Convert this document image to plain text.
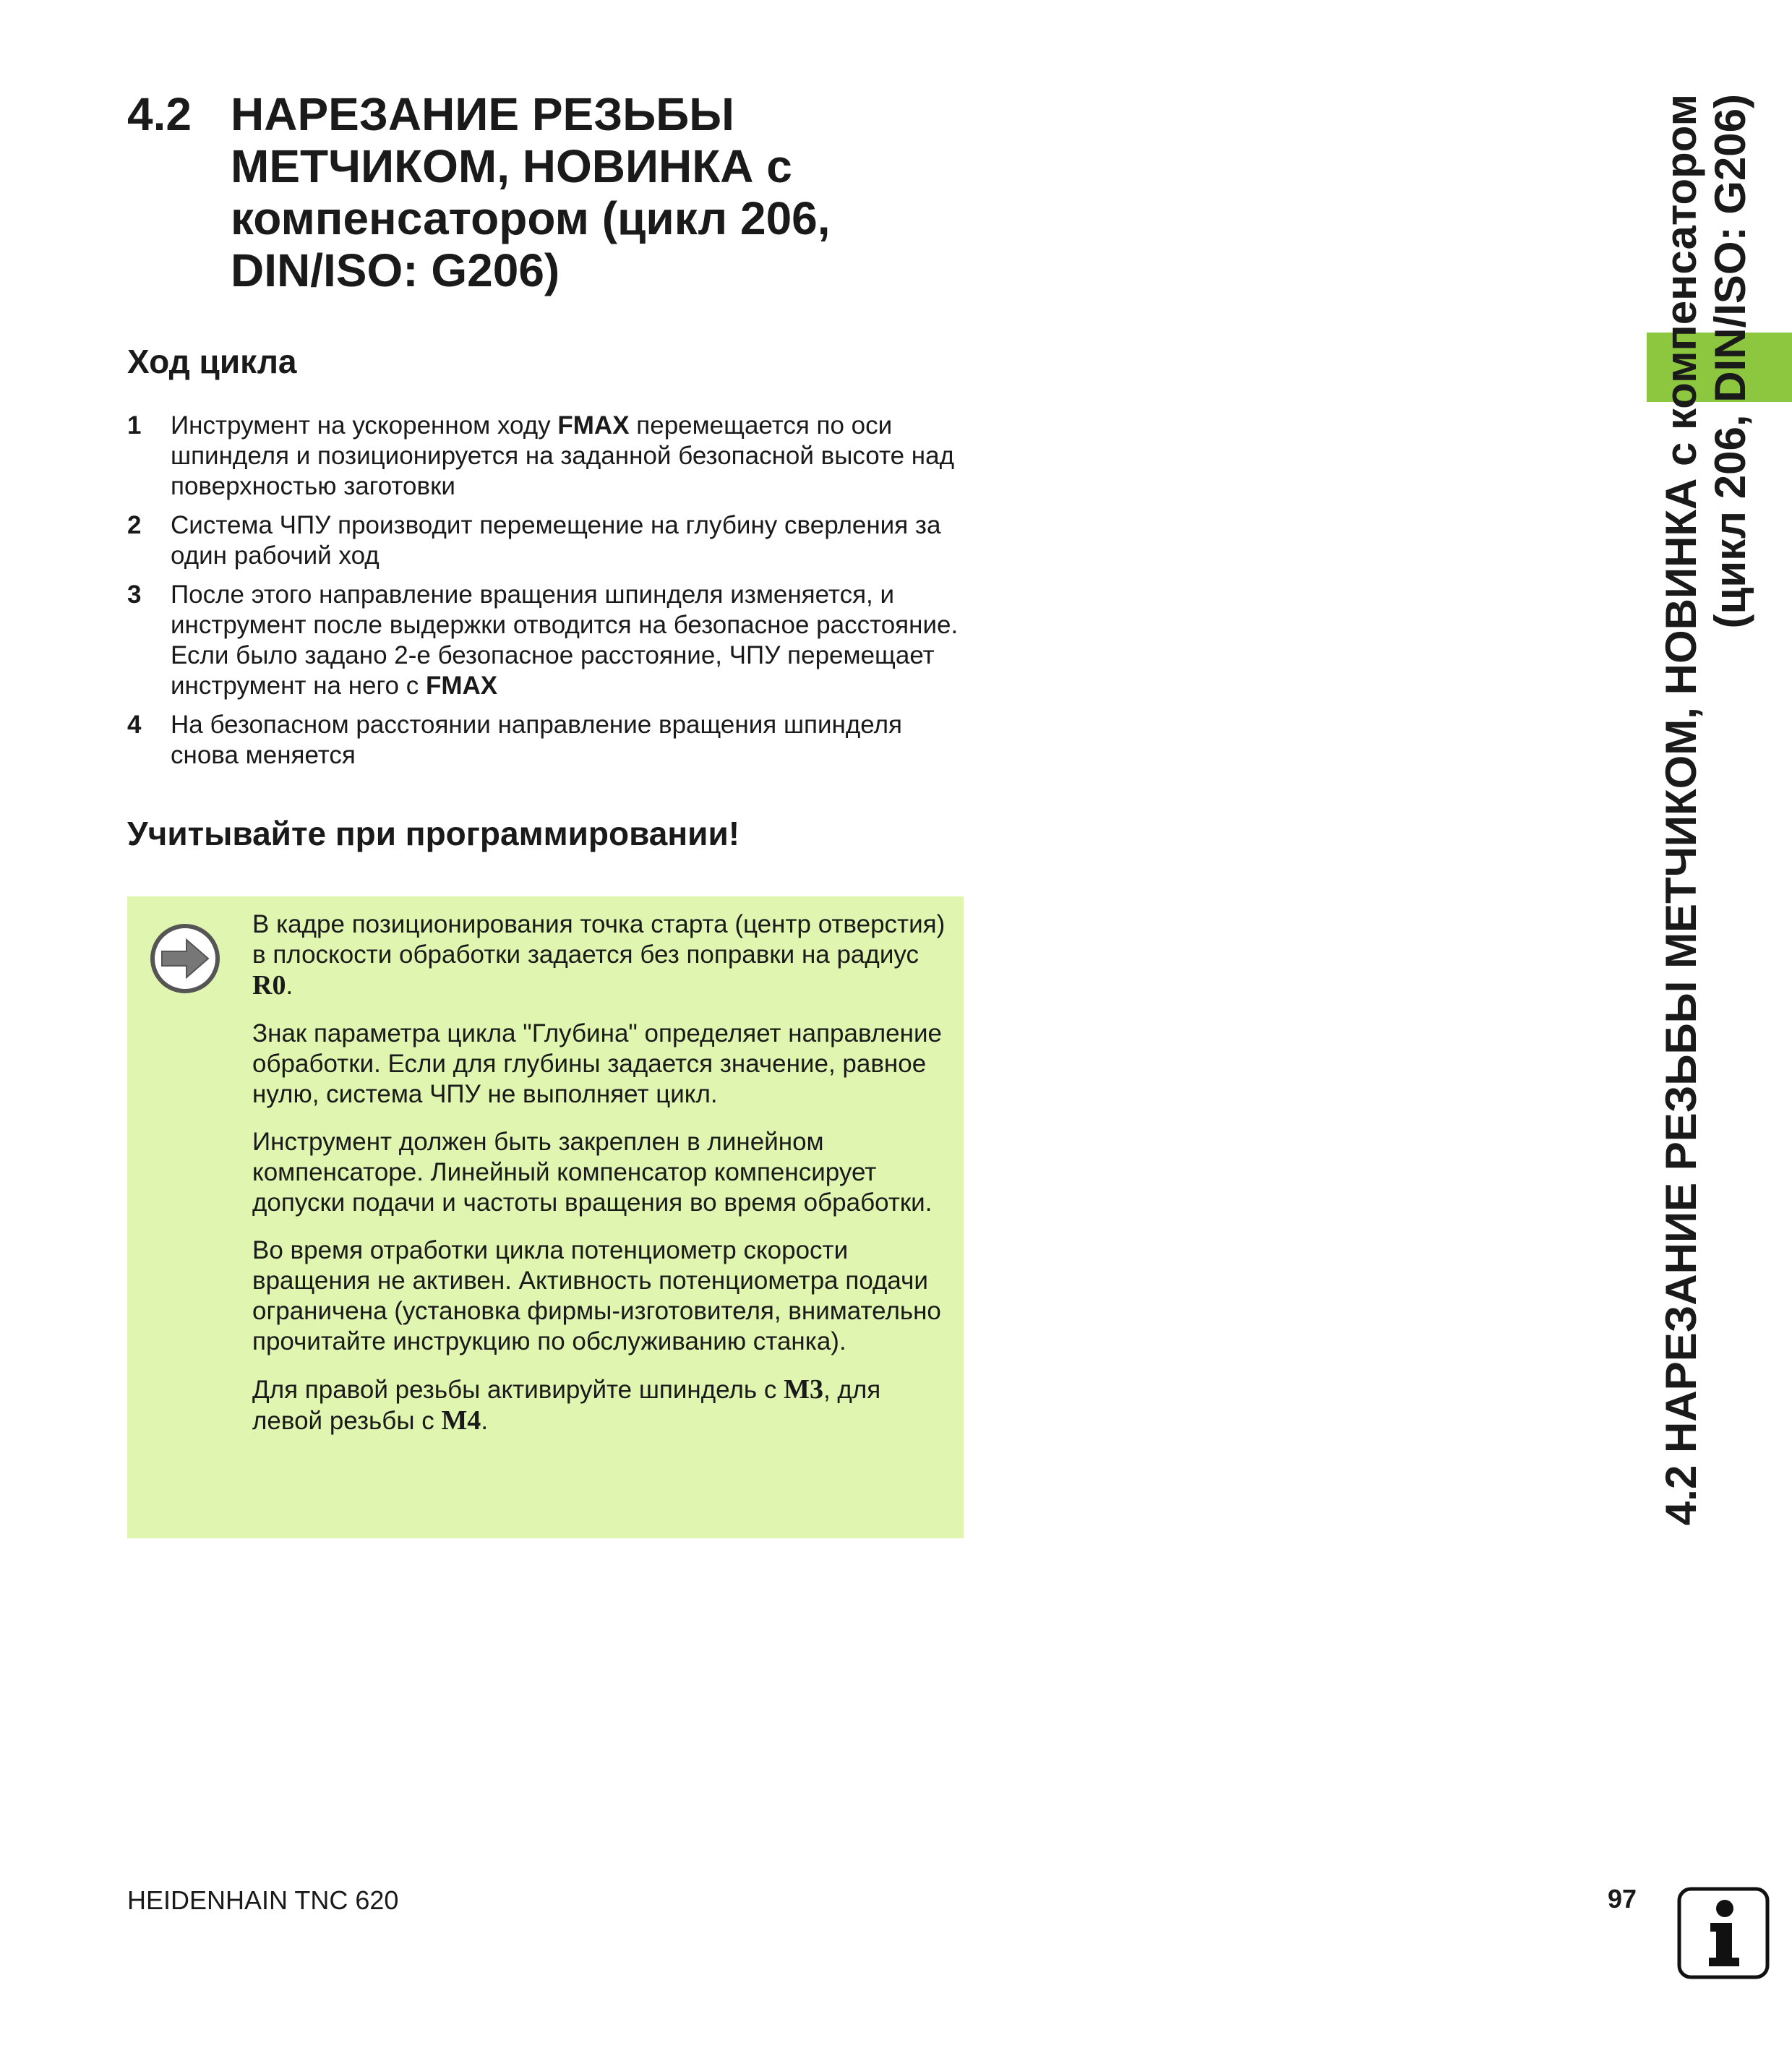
4.2 НАРЕЗАНИЕ РЕЗЬБЫ МЕТЧИКОМ, НОВИНКА с компенсатором (цикл 206, DIN/ISO: G206)
Ход цикла
1 Инструмент на ускоренном ходу FMAX перемещается по оси шпинделя и позиционируется на заданной безопасной высоте над поверхностью заготовки
2 Система ЧПУ производит перемещение на глубину сверления за один рабочий ход
3 После этого направление вращения шпинделя изменяется, и инструмент после выдержки отводится на безопасное расстояние. Если было задано 2-е безопасное расстояние, ЧПУ перемещает инструмент на него с FMAX
4 На безопасном расстоянии направление вращения шпинделя снова меняется
Учитывайте при программировании!

В кадре позиционирования точка старта (центр отверстия) в плоскости обработки задается без поправки на радиус R0.

Знак параметра цикла "Глубина" определяет направление обработки. Если для глубины задается значение, равное нулю, система ЧПУ не выполняет цикл.

Инструмент должен быть закреплен в линейном компенсаторе. Линейный компенсатор компенсирует допуски подачи и частоты вращения во время обработки.

Во время отработки цикла потенциометр скорости вращения не активен. Активность потенциометра подачи ограничена (установка фирмы-изготовителя, внимательно прочитайте инструкцию по обслуживанию станка).

Для правой резьбы активируйте шпиндель с M3, для левой резьбы с M4.	4.2 НАРЕЗАНИЕ РЕЗЬБЫ МЕТЧИКОМ, НОВИНКА с компенсатором (цикл 206, DIN/ISO: G206)
HEIDENHAIN TNC 620	97
